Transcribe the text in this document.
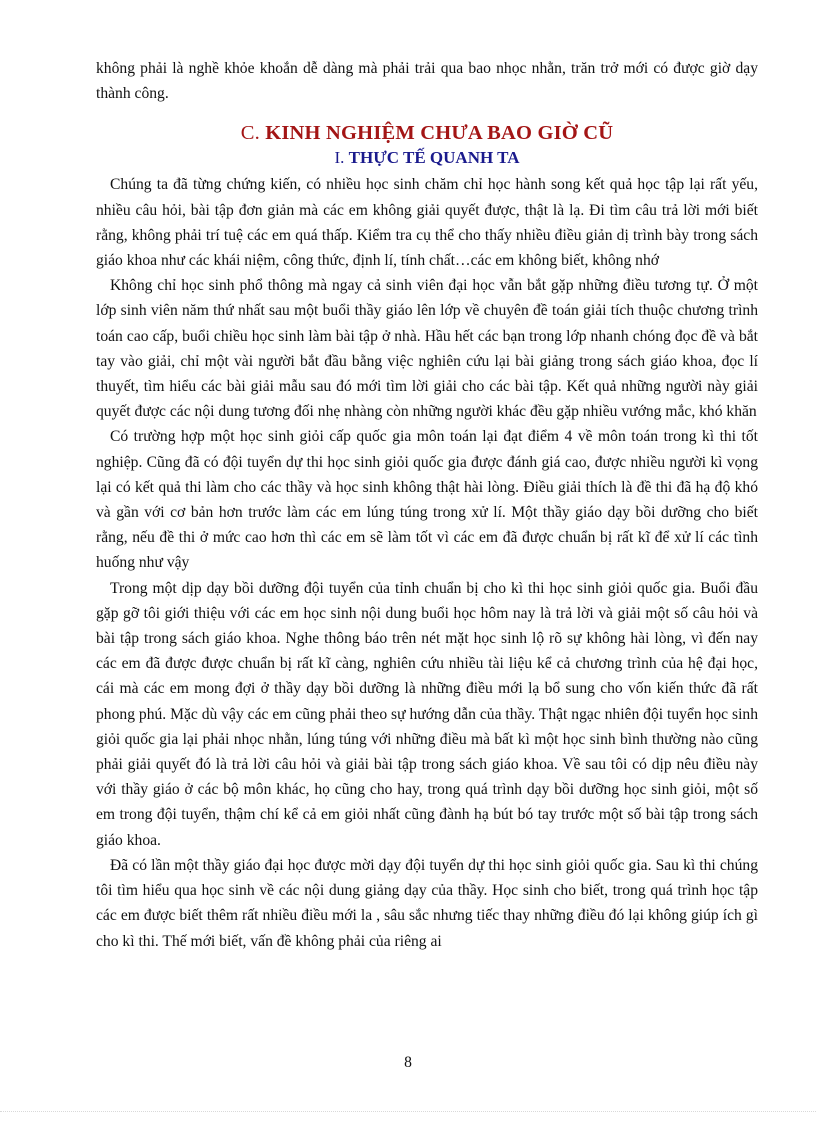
không phải là nghề khỏe khoắn dễ dàng mà phải trải qua bao nhọc nhằn, trăn trở mới có được giờ dạy thành công.

C. KINH NGHIỆM CHƯA BAO GIỜ CŨ
I. THỰC TẾ QUANH TA

Chúng ta đã từng chứng kiến, có nhiều học sinh chăm chỉ học hành song kết quả học tập lại rất yếu, nhiều câu hỏi, bài tập đơn giản mà các em không giải quyết được, thật là lạ. Đi tìm câu trả lời mới biết rằng, không phải trí tuệ các em quá thấp. Kiểm tra cụ thể cho thấy nhiều điều giản dị trình bày trong sách giáo khoa như các khái niệm, công thức, định lí, tính chất…các em không biết, không nhớ

Không chỉ học sinh phổ thông mà ngay cả sinh viên đại học vẫn bắt gặp những điều tương tự. Ở một lớp sinh viên năm thứ nhất sau một buổi thầy giáo lên lớp về chuyên đề toán giải tích thuộc chương trình toán cao cấp, buổi chiều học sinh làm bài tập ở nhà. Hầu hết các bạn trong lớp nhanh chóng đọc đề và bắt tay vào giải, chỉ một vài người bắt đầu bằng việc nghiên cứu lại bài giảng trong sách giáo khoa, đọc lí thuyết, tìm hiểu các bài giải mẫu sau đó mới tìm lời giải cho các bài tập. Kết quả những người này giải quyết được các nội dung tương đối nhẹ nhàng còn những người khác đều gặp nhiều vướng mắc, khó khăn

Có trường hợp một học sinh giỏi cấp quốc gia môn toán lại đạt điểm 4 về môn toán trong kì thi tốt nghiệp. Cũng đã có đội tuyển dự thi học sinh giỏi quốc gia được đánh giá cao, được nhiều người kì vọng lại có kết quả thi làm cho các thầy và học sinh không thật hài lòng. Điều giải thích là đề thi đã hạ độ khó và gần với cơ bản hơn trước làm các em lúng túng trong xử lí. Một thầy giáo dạy bồi dưỡng cho biết rằng, nếu đề thi ở mức cao hơn thì các em sẽ làm tốt vì các em đã được chuẩn bị rất kĩ để xử lí các tình huống như vậy

Trong một dịp dạy bồi dưỡng đội tuyển của tỉnh chuẩn bị cho kì thi học sinh giỏi quốc gia. Buổi đầu gặp gỡ tôi giới thiệu với các em học sinh nội dung buổi học hôm nay là trả lời và giải một số câu hỏi và bài tập trong sách giáo khoa. Nghe thông báo trên nét mặt học sinh lộ rõ sự không hài lòng, vì đến nay các em đã được được chuẩn bị rất kĩ càng, nghiên cứu nhiều tài liệu kể cả chương trình của hệ đại học, cái mà các em mong đợi ở thầy dạy bồi dưỡng là những điều mới lạ bổ sung cho vốn kiến thức đã rất phong phú. Mặc dù vậy các em cũng phải theo sự hướng dẫn của thầy. Thật ngạc nhiên đội tuyển học sinh giỏi quốc gia lại phải nhọc nhằn, lúng túng với những điều mà bất kì một học sinh bình thường nào cũng phải giải quyết đó là trả lời câu hỏi và giải bài tập trong sách giáo khoa. Về sau tôi có dịp nêu điều này với thầy giáo ở các bộ môn khác, họ cũng cho hay, trong quá trình dạy bồi dưỡng học sinh giỏi, một số em trong đội tuyển, thậm chí kể cả em giỏi nhất cũng đành hạ bút bó tay trước một số bài tập trong sách giáo khoa.

Đã có lần một thầy giáo đại học được mời dạy đội tuyển dự thi học sinh giỏi quốc gia. Sau kì thi chúng tôi tìm hiểu qua học sinh về các nội dung giảng dạy của thầy. Học sinh cho biết, trong quá trình học tập các em được biết thêm rất nhiều điều mới la , sâu sắc nhưng tiếc thay những điều đó lại không giúp ích gì cho kì thi. Thế mới biết, vấn đề không phải của riêng ai

8
